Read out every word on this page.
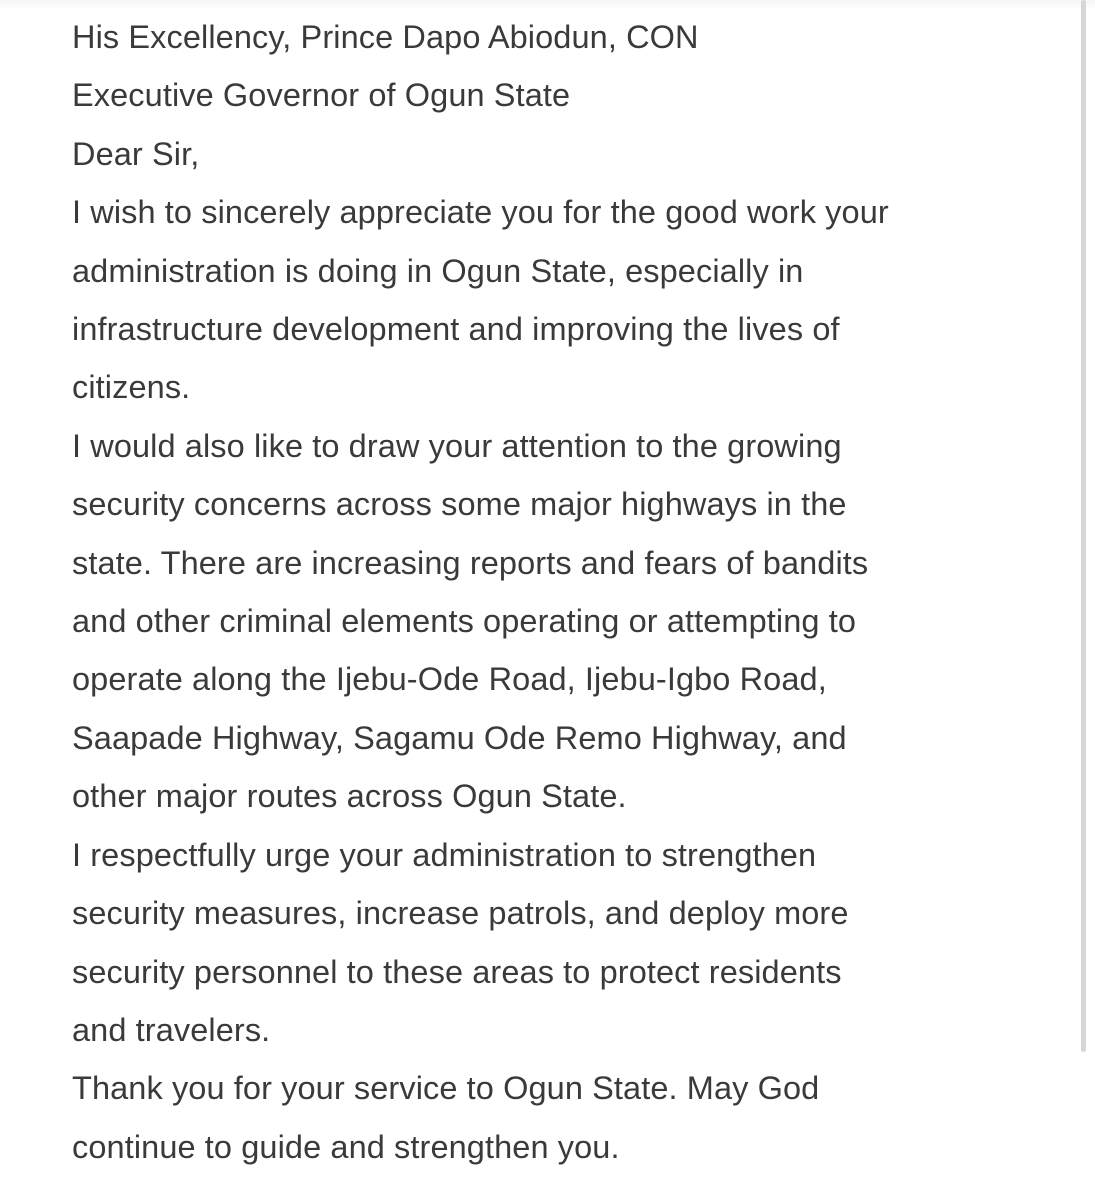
His Excellency, Prince Dapo Abiodun, CON
Executive Governor of Ogun State
Dear Sir,
I wish to sincerely appreciate you for the good work your
administration is doing in Ogun State, especially in
infrastructure development and improving the lives of
citizens.
I would also like to draw your attention to the growing
security concerns across some major highways in the
state. There are increasing reports and fears of bandits
and other criminal elements operating or attempting to
operate along the Ijebu-Ode Road, Ijebu-Igbo Road,
Saapade Highway, Sagamu Ode Remo Highway, and
other major routes across Ogun State.
I respectfully urge your administration to strengthen
security measures, increase patrols, and deploy more
security personnel to these areas to protect residents
and travelers.
Thank you for your service to Ogun State. May God
continue to guide and strengthen you.
